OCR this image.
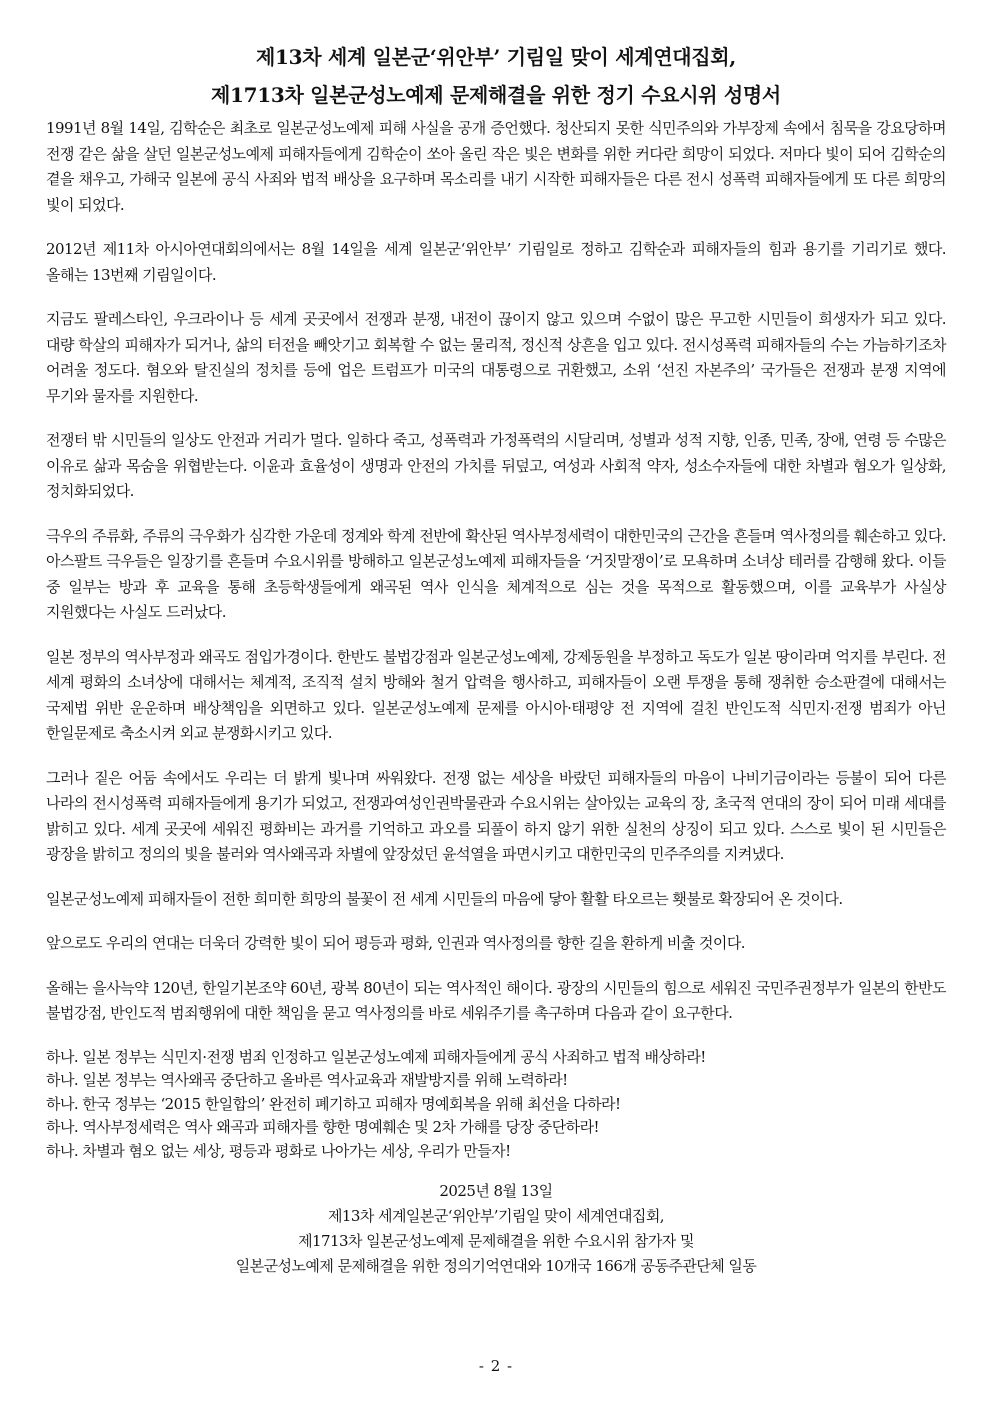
제13차 세계 일본군‘위안부’ 기림일 맞이 세계연대집회,
제1713차 일본군성노예제 문제해결을 위한 정기 수요시위 성명서

1991년 8월 14일, 김학순은 최초로 일본군성노예제 피해 사실을 공개 증언했다. 청산되지 못한 식민주의와 가부장제 속에서 침묵을 강요당하며 전쟁 같은 삶을 살던 일본군성노예제 피해자들에게 김학순이 쏘아 올린 작은 빛은 변화를 위한 커다란 희망이 되었다. 저마다 빛이 되어 김학순의 곁을 채우고, 가해국 일본에 공식 사죄와 법적 배상을 요구하며 목소리를 내기 시작한 피해자들은 다른 전시 성폭력 피해자들에게 또 다른 희망의 빛이 되었다.

2012년 제11차 아시아연대회의에서는 8월 14일을 세계 일본군‘위안부’ 기림일로 정하고 김학순과 피해자들의 힘과 용기를 기리기로 했다. 올해는 13번째 기림일이다.

지금도 팔레스타인, 우크라이나 등 세계 곳곳에서 전쟁과 분쟁, 내전이 끊이지 않고 있으며 수없이 많은 무고한 시민들이 희생자가 되고 있다. 대량 학살의 피해자가 되거나, 삶의 터전을 빼앗기고 회복할 수 없는 물리적, 정신적 상흔을 입고 있다. 전시성폭력 피해자들의 수는 가늠하기조차 어려울 정도다. 혐오와 탈진실의 정치를 등에 업은 트럼프가 미국의 대통령으로 귀환했고, 소위 ‘선진 자본주의’ 국가들은 전쟁과 분쟁 지역에 무기와 물자를 지원한다.

전쟁터 밖 시민들의 일상도 안전과 거리가 멀다. 일하다 죽고, 성폭력과 가정폭력의 시달리며, 성별과 성적 지향, 인종, 민족, 장애, 연령 등 수많은 이유로 삶과 목숨을 위협받는다. 이윤과 효율성이 생명과 안전의 가치를 뒤덮고, 여성과 사회적 약자, 성소수자들에 대한 차별과 혐오가 일상화, 정치화되었다.

극우의 주류화, 주류의 극우화가 심각한 가운데 정계와 학계 전반에 확산된 역사부정세력이 대한민국의 근간을 흔들며 역사정의를 훼손하고 있다. 아스팔트 극우들은 일장기를 흔들며 수요시위를 방해하고 일본군성노예제 피해자들을 ‘거짓말쟁이’로 모욕하며 소녀상 테러를 감행해 왔다. 이들 중 일부는 방과 후 교육을 통해 초등학생들에게 왜곡된 역사 인식을 체계적으로 심는 것을 목적으로 활동했으며, 이를 교육부가 사실상 지원했다는 사실도 드러났다.

일본 정부의 역사부정과 왜곡도 점입가경이다. 한반도 불법강점과 일본군성노예제, 강제동원을 부정하고 독도가 일본 땅이라며 억지를 부린다. 전 세계 평화의 소녀상에 대해서는 체계적, 조직적 설치 방해와 철거 압력을 행사하고, 피해자들이 오랜 투쟁을 통해 쟁취한 승소판결에 대해서는 국제법 위반 운운하며 배상책임을 외면하고 있다. 일본군성노예제 문제를 아시아·태평양 전 지역에 걸친 반인도적 식민지·전쟁 범죄가 아닌 한일문제로 축소시켜 외교 분쟁화시키고 있다.

그러나 짙은 어둠 속에서도 우리는 더 밝게 빛나며 싸워왔다. 전쟁 없는 세상을 바랐던 피해자들의 마음이 나비기금이라는 등불이 되어 다른 나라의 전시성폭력 피해자들에게 용기가 되었고, 전쟁과여성인권박물관과 수요시위는 살아있는 교육의 장, 초국적 연대의 장이 되어 미래 세대를 밝히고 있다. 세계 곳곳에 세워진 평화비는 과거를 기억하고 과오를 되풀이 하지 않기 위한 실천의 상징이 되고 있다. 스스로 빛이 된 시민들은 광장을 밝히고 정의의 빛을 불러와 역사왜곡과 차별에 앞장섰던 윤석열을 파면시키고 대한민국의 민주주의를 지켜냈다.

일본군성노예제 피해자들이 전한 희미한 희망의 불꽃이 전 세계 시민들의 마음에 닿아 활활 타오르는 횃불로 확장되어 온 것이다.

앞으로도 우리의 연대는 더욱더 강력한 빛이 되어 평등과 평화, 인권과 역사정의를 향한 길을 환하게 비출 것이다.

올해는 을사늑약 120년, 한일기본조약 60년, 광복 80년이 되는 역사적인 해이다. 광장의 시민들의 힘으로 세워진 국민주권정부가 일본의 한반도 불법강점, 반인도적 범죄행위에 대한 책임을 묻고 역사정의를 바로 세워주기를 촉구하며 다음과 같이 요구한다.

하나. 일본 정부는 식민지·전쟁 범죄 인정하고 일본군성노예제 피해자들에게 공식 사죄하고 법적 배상하라!
하나. 일본 정부는 역사왜곡 중단하고 올바른 역사교육과 재발방지를 위해 노력하라!
하나. 한국 정부는 ‘2015 한일합의’ 완전히 폐기하고 피해자 명예회복을 위해 최선을 다하라!
하나. 역사부정세력은 역사 왜곡과 피해자를 향한 명예훼손 및 2차 가해를 당장 중단하라!
하나. 차별과 혐오 없는 세상, 평등과 평화로 나아가는 세상, 우리가 만들자!
2025년 8월 13일
제13차 세계일본군‘위안부’기림일 맞이 세계연대집회,
제1713차 일본군성노예제 문제해결을 위한 수요시위 참가자 및
일본군성노예제 문제해결을 위한 정의기억연대와 10개국 166개 공동주관단체 일동
- 2 -
